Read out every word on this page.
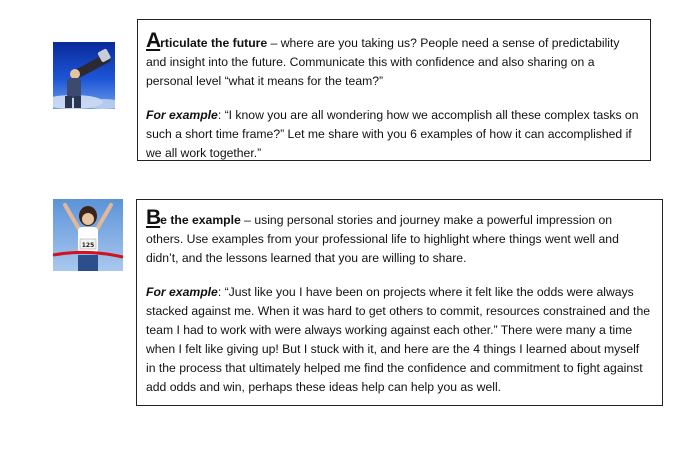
Articulate the future – where are you taking us? People need a sense of predictability and insight into the future. Communicate this with confidence and also sharing on a personal level “what it means for the team?”

For example: “I know you are all wondering how we accomplish all these complex tasks on such a short time frame?” Let me share with you 6 examples of how it can accomplished if we all work together.”

125

Be the example – using personal stories and journey make a powerful impression on others. Use examples from your professional life to highlight where things went well and didn’t, and the lessons learned that you are willing to share.

For example: “Just like you I have been on projects where it felt like the odds were always stacked against me. When it was hard to get others to commit, resources constrained and the team I had to work with were always working against each other.” There were many a time when I felt like giving up! But I stuck with it, and here are the 4 things I learned about myself in the process that ultimately helped me find the confidence and commitment to fight against add odds and win, perhaps these ideas help can help you as well.
